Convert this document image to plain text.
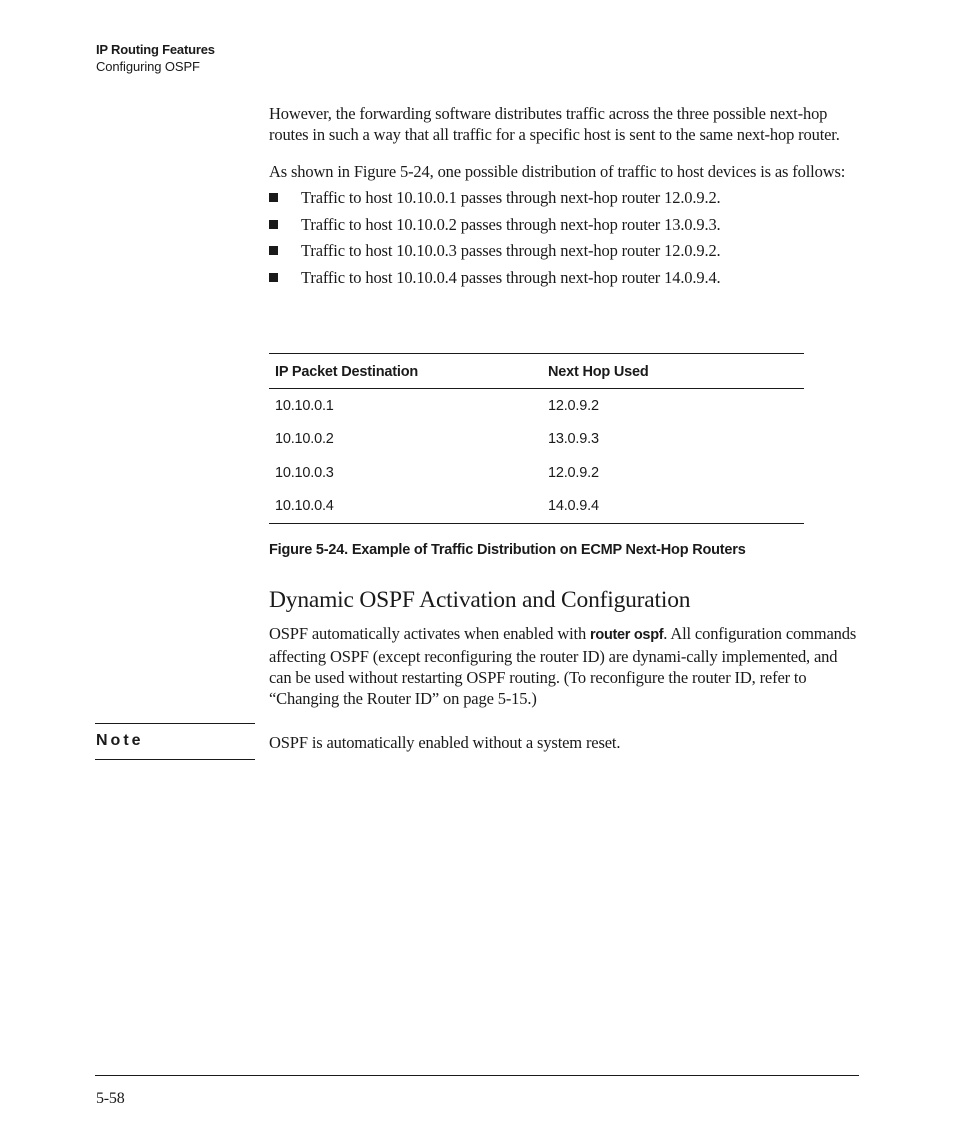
IP Routing Features
Configuring OSPF

However, the forwarding software distributes traffic across the three possible next-hop routes in such a way that all traffic for a specific host is sent to the same next-hop router.

As shown in Figure 5-24, one possible distribution of traffic to host devices is as follows:

Traffic to host 10.10.0.1 passes through next-hop router 12.0.9.2.
Traffic to host 10.10.0.2 passes through next-hop router 13.0.9.3.
Traffic to host 10.10.0.3 passes through next-hop router 12.0.9.2.
Traffic to host 10.10.0.4 passes through next-hop router 14.0.9.4.
IP Packet Destination	Next Hop Used
10.10.0.1	12.0.9.2
10.10.0.2	13.0.9.3
10.10.0.3	12.0.9.2
10.10.0.4	14.0.9.4
Figure 5-24. Example of Traffic Distribution on ECMP Next-Hop Routers
Dynamic OSPF Activation and Configuration

OSPF automatically activates when enabled with router ospf. All configuration commands affecting OSPF (except reconfiguring the router ID) are dynami-cally implemented, and can be used without restarting OSPF routing. (To reconfigure the router ID, refer to “Changing the Router ID” on page 5-15.)

Note	OSPF is automatically enabled without a system reset.

5-58
